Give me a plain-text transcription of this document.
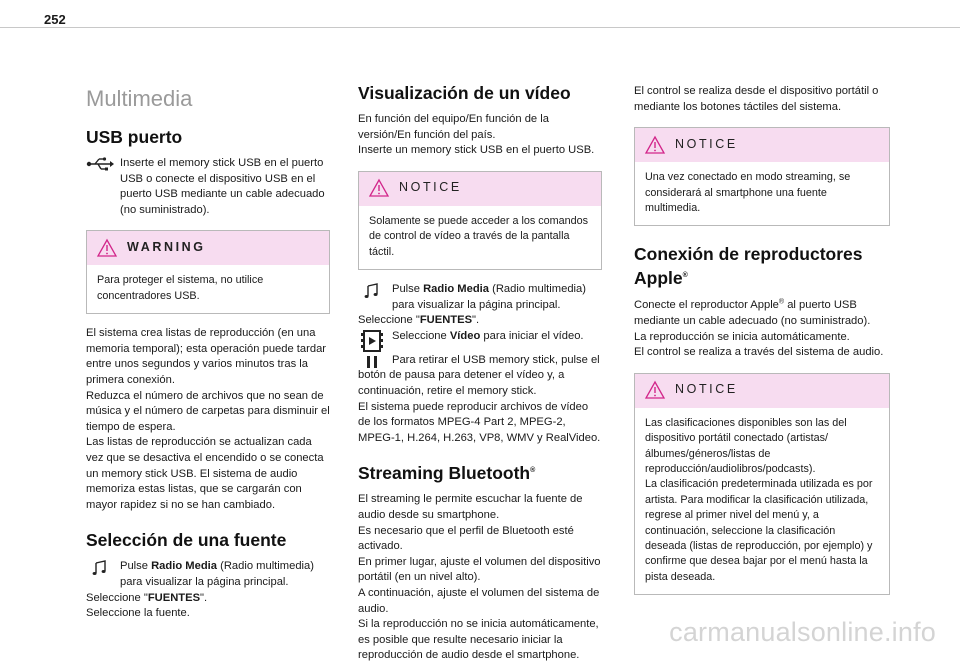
252
Multimedia
USB puerto

Inserte el memory stick USB en el puerto USB o conecte el dispositivo USB en el puerto USB mediante un cable adecuado (no suministrado).

WARNING
Para proteger el sistema, no utilice concentradores USB.

El sistema crea listas de reproducción (en una memoria temporal); esta operación puede tardar entre unos segundos y varios minutos tras la primera conexión.

Reduzca el número de archivos que no sean de música y el número de carpetas para disminuir el tiempo de espera.

Las listas de reproducción se actualizan cada vez que se desactiva el encendido o se conecta un memory stick USB. El sistema de audio memoriza estas listas, que se cargarán con mayor rapidez si no se han cambiado.

Selección de una fuente

Pulse Radio Media (Radio multimedia) para visualizar la página principal.

Seleccione "FUENTES".

Seleccione la fuente.

Visualización de un vídeo

En función del equipo/En función de la versión/En función del país.

Inserte un memory stick USB en el puerto USB.

NOTICE
Solamente se puede acceder a los comandos de control de vídeo a través de la pantalla táctil.

Pulse Radio Media (Radio multimedia) para visualizar la página principal.

Seleccione "FUENTES".

Seleccione Vídeo para iniciar el vídeo.

Para retirar el USB memory stick, pulse el botón de pausa para detener el vídeo y, a continuación, retire el memory stick.

El sistema puede reproducir archivos de vídeo de los formatos MPEG-4 Part 2, MPEG-2, MPEG-1, H.264, H.263, VP8, WMV y RealVideo.

Streaming Bluetooth®

El streaming le permite escuchar la fuente de audio desde su smartphone.

Es necesario que el perfil de Bluetooth esté activado.

En primer lugar, ajuste el volumen del dispositivo portátil (en un nivel alto).

A continuación, ajuste el volumen del sistema de audio.

Si la reproducción no se inicia automáticamente, es posible que resulte necesario iniciar la reproducción de audio desde el smartphone.

El control se realiza desde el dispositivo portátil o mediante los botones táctiles del sistema.

NOTICE
Una vez conectado en modo streaming, se considerará al smartphone una fuente multimedia.
Conexión de reproductores Apple®

Conecte el reproductor Apple® al puerto USB mediante un cable adecuado (no suministrado).

La reproducción se inicia automáticamente.

El control se realiza a través del sistema de audio.

NOTICE

Las clasificaciones disponibles son las del dispositivo portátil conectado (artistas/álbumes/géneros/listas de reproducción/audiolibros/podcasts).

La clasificación predeterminada utilizada es por artista. Para modificar la clasificación utilizada, regrese al primer nivel del menú y, a continuación, seleccione la clasificación deseada (listas de reproducción, por ejemplo) y confirme que desea bajar por el menú hasta la pista deseada.

carmanualsonline.info
